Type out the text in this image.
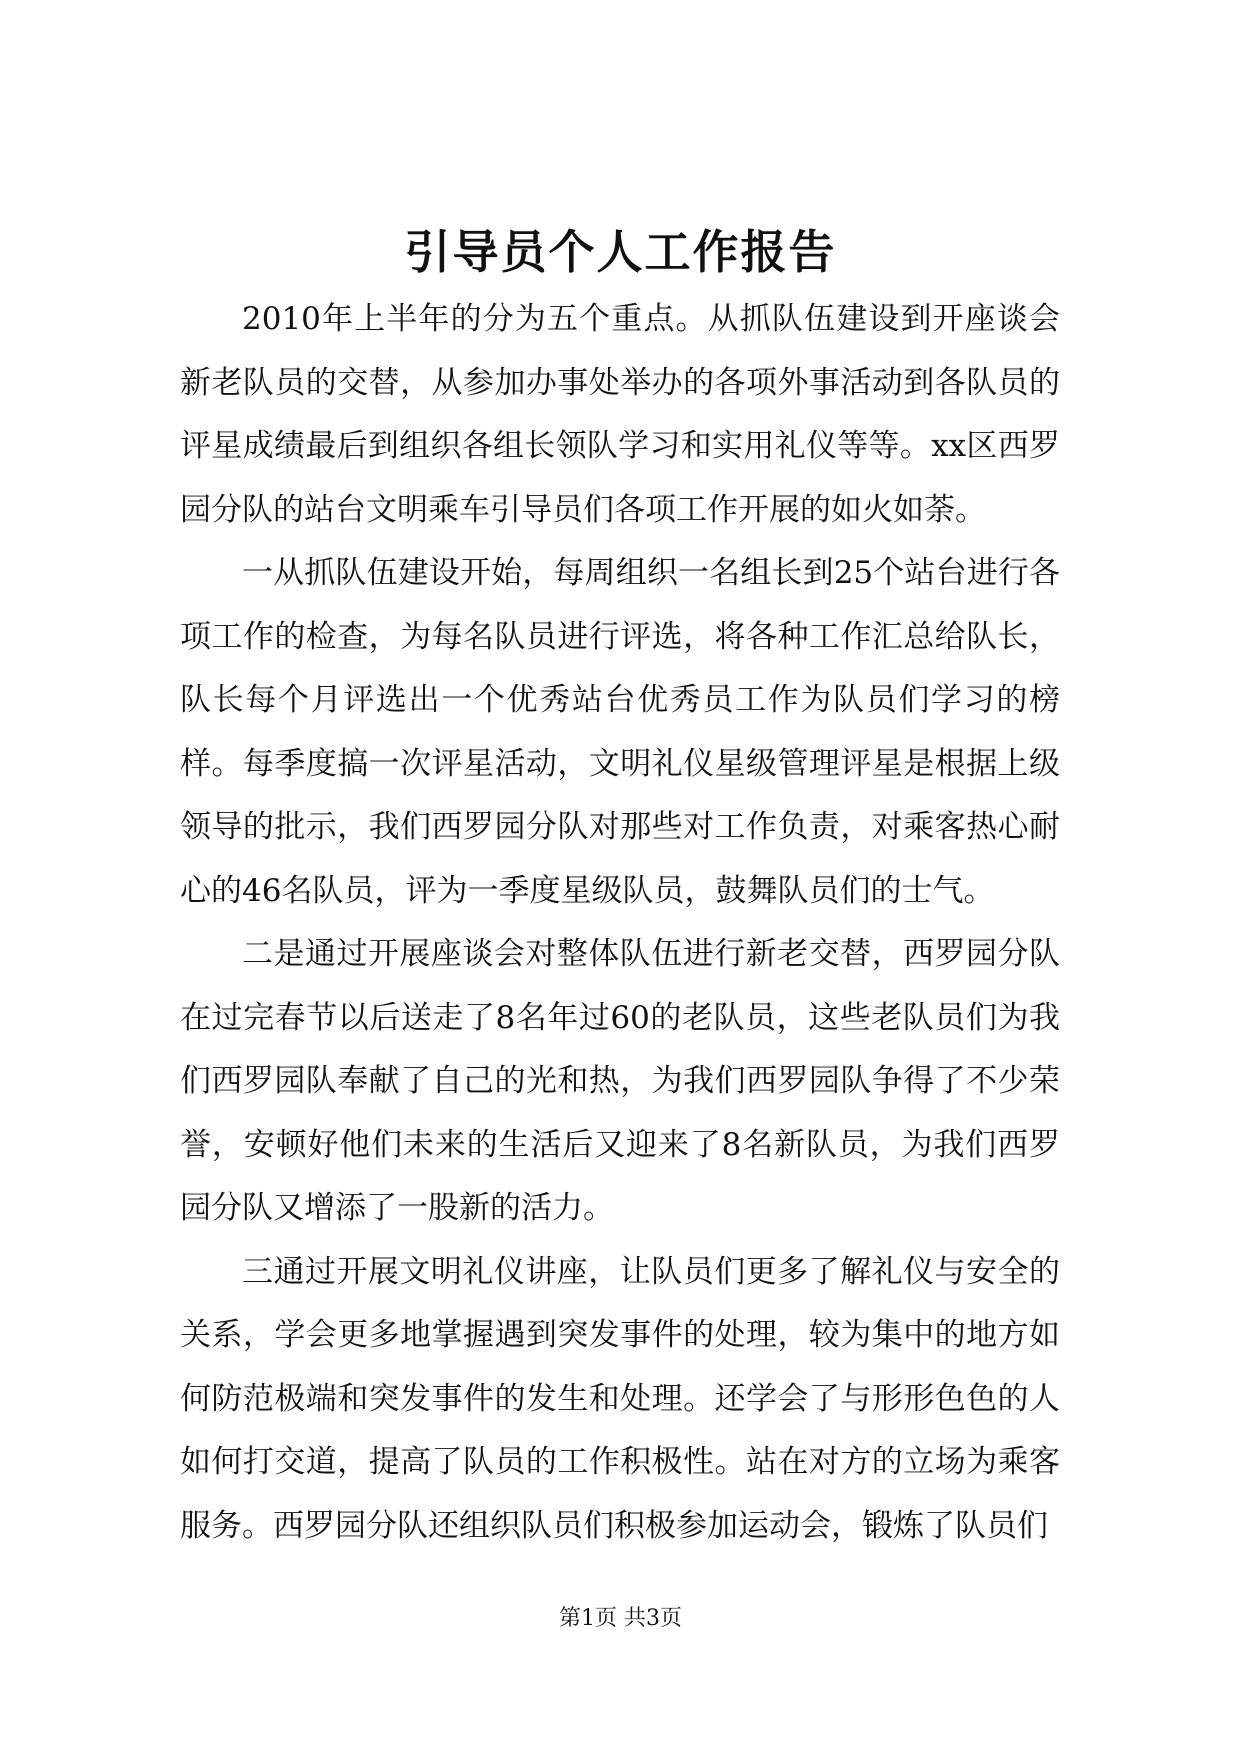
引导员个人工作报告

2010年上半年的分为五个重点。从抓队伍建设到开座谈会新老队员的交替，从参加办事处举办的各项外事活动到各队员的评星成绩最后到组织各组长领队学习和实用礼仪等等。xx区西罗园分队的站台文明乘车引导员们各项工作开展的如火如荼。

一从抓队伍建设开始，每周组织一名组长到25个站台进行各项工作的检查，为每名队员进行评选，将各种工作汇总给队长，队长每个月评选出一个优秀站台优秀员工作为队员们学习的榜样。每季度搞一次评星活动，文明礼仪星级管理评星是根据上级领导的批示，我们西罗园分队对那些对工作负责，对乘客热心耐心的46名队员，评为一季度星级队员，鼓舞队员们的士气。

二是通过开展座谈会对整体队伍进行新老交替，西罗园分队在过完春节以后送走了8名年过60的老队员，这些老队员们为我们西罗园队奉献了自己的光和热，为我们西罗园队争得了不少荣誉，安顿好他们未来的生活后又迎来了8名新队员，为我们西罗园分队又增添了一股新的活力。

三通过开展文明礼仪讲座，让队员们更多了解礼仪与安全的关系，学会更多地掌握遇到突发事件的处理，较为集中的地方如何防范极端和突发事件的发生和处理。还学会了与形形色色的人如何打交道，提高了队员的工作积极性。站在对方的立场为乘客服务。西罗园分队还组织队员们积极参加运动会，锻炼了队员们

第1页 共3页
